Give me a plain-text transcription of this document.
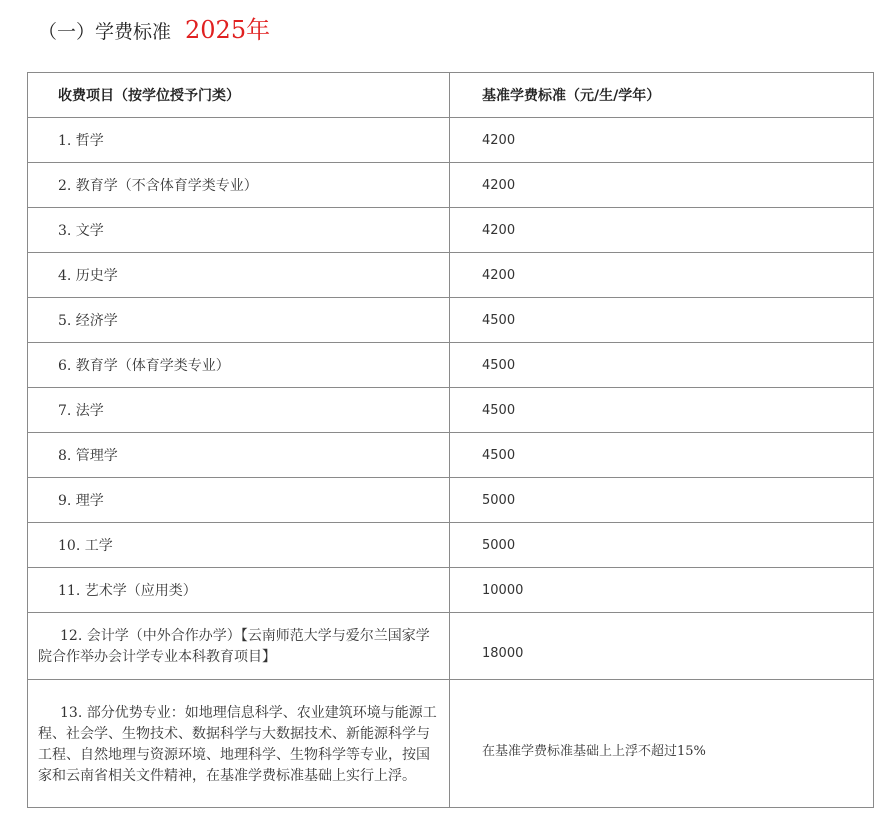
（一）学费标准 2025年
收费项目（按学位授予门类）	基准学费标准（元/生/学年）
1. 哲学	4200
2. 教育学（不含体育学类专业）	4200
3. 文学	4200
4. 历史学	4200
5. 经济学	4500
6. 教育学（体育学类专业）	4500
7. 法学	4500
8. 管理学	4500
9. 理学	5000
10. 工学	5000
11. 艺术学（应用类）	10000
12. 会计学（中外合作办学）【云南师范大学与爱尔兰国家学院合作举办会计学专业本科教育项目】	18000
13. 部分优势专业：如地理信息科学、农业建筑环境与能源工程、社会学、生物技术、数据科学与大数据技术、新能源科学与工程、自然地理与资源环境、地理科学、生物科学等专业，按国家和云南省相关文件精神，在基准学费标准基础上实行上浮。	在基准学费标准基础上上浮不超过15%
